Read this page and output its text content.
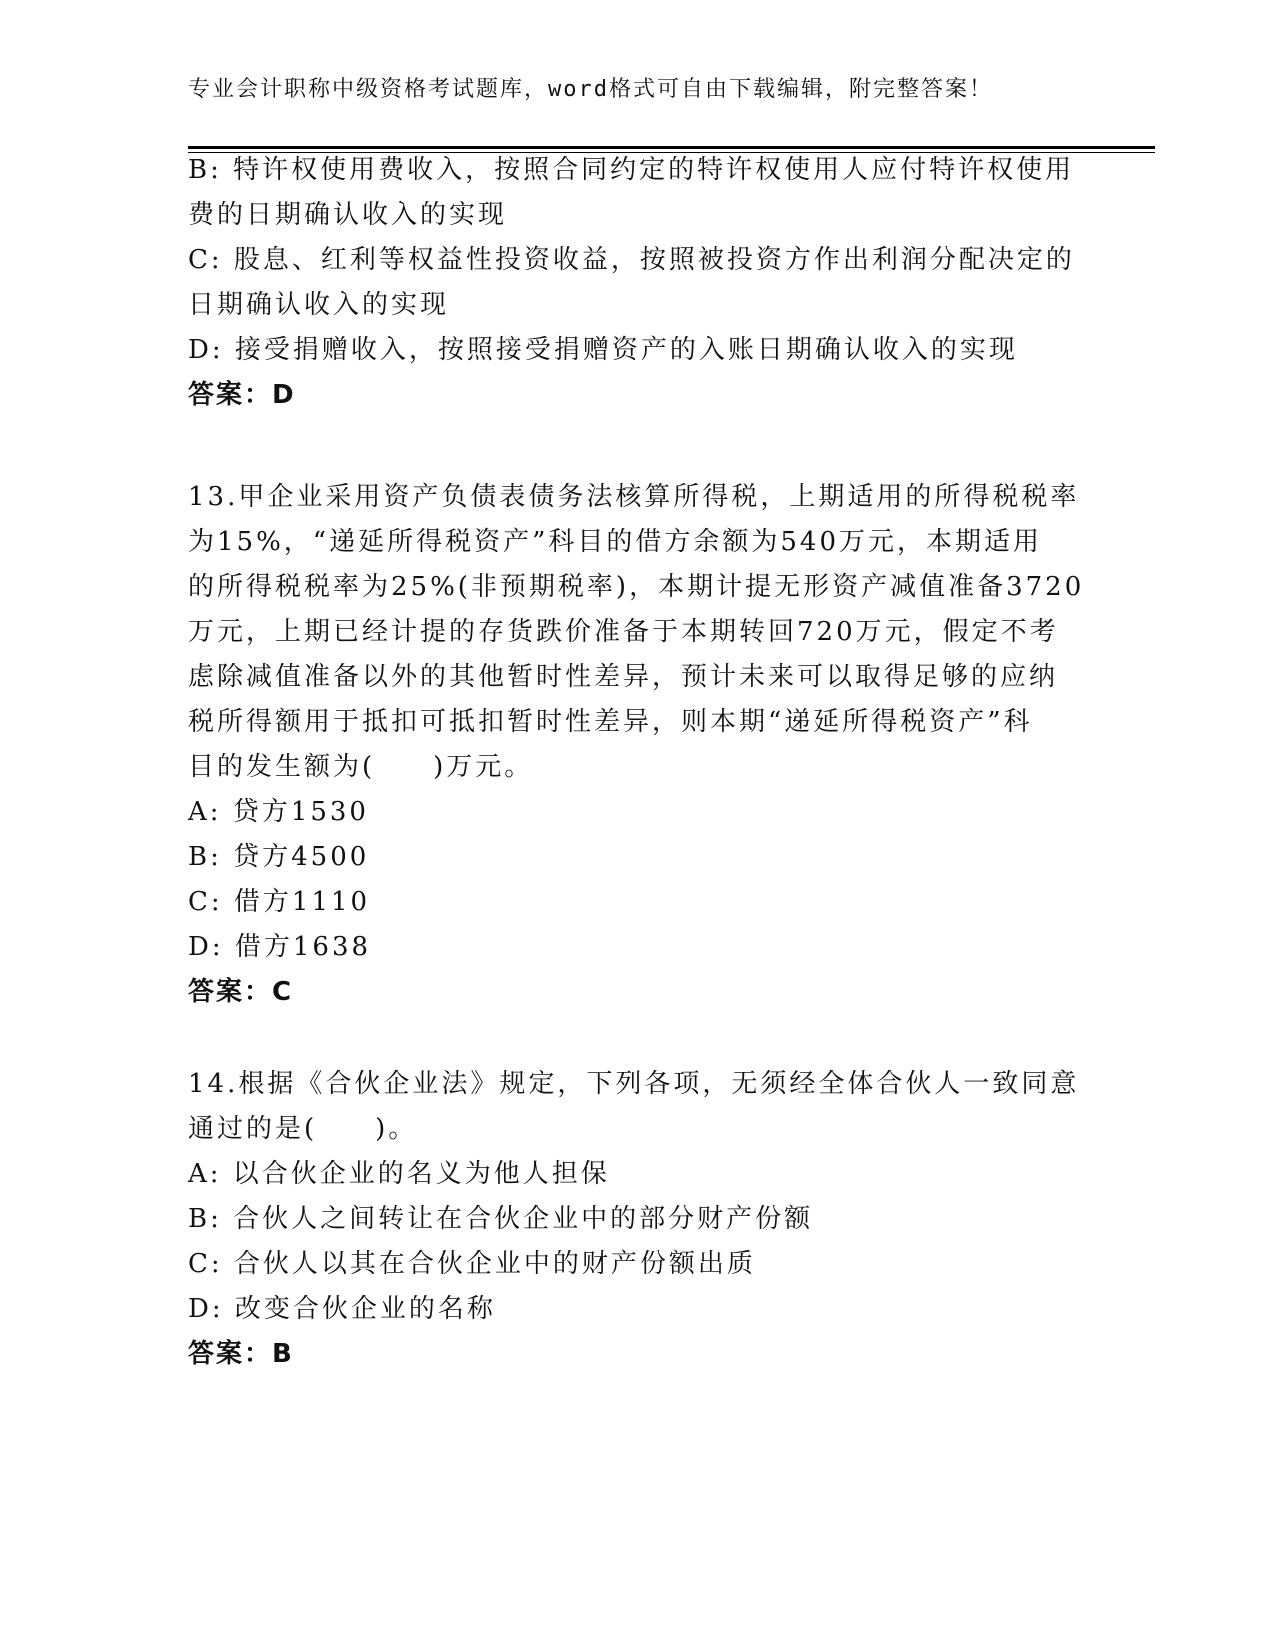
专业会计职称中级资格考试题库，word格式可自由下载编辑，附完整答案！
B: 特许权使用费收入，按照合同约定的特许权使用人应付特许权使用
费的日期确认收入的实现
C: 股息、红利等权益性投资收益，按照被投资方作出利润分配决定的
日期确认收入的实现
D: 接受捐赠收入，按照接受捐赠资产的入账日期确认收入的实现
答案：D
13.甲企业采用资产负债表债务法核算所得税，上期适用的所得税税率
为15%，“递延所得税资产”科目的借方余额为540万元，本期适用
的所得税税率为25%(非预期税率)，本期计提无形资产减值准备3720
万元，上期已经计提的存货跌价准备于本期转回720万元，假定不考
虑除减值准备以外的其他暂时性差异，预计未来可以取得足够的应纳
税所得额用于抵扣可抵扣暂时性差异，则本期“递延所得税资产”科
目的发生额为(　　)万元。
A: 贷方1530
B: 贷方4500
C: 借方1110
D: 借方1638
答案：C
14.根据《合伙企业法》规定，下列各项，无须经全体合伙人一致同意
通过的是(　　)。
A: 以合伙企业的名义为他人担保
B: 合伙人之间转让在合伙企业中的部分财产份额
C: 合伙人以其在合伙企业中的财产份额出质
D: 改变合伙企业的名称
答案：B
